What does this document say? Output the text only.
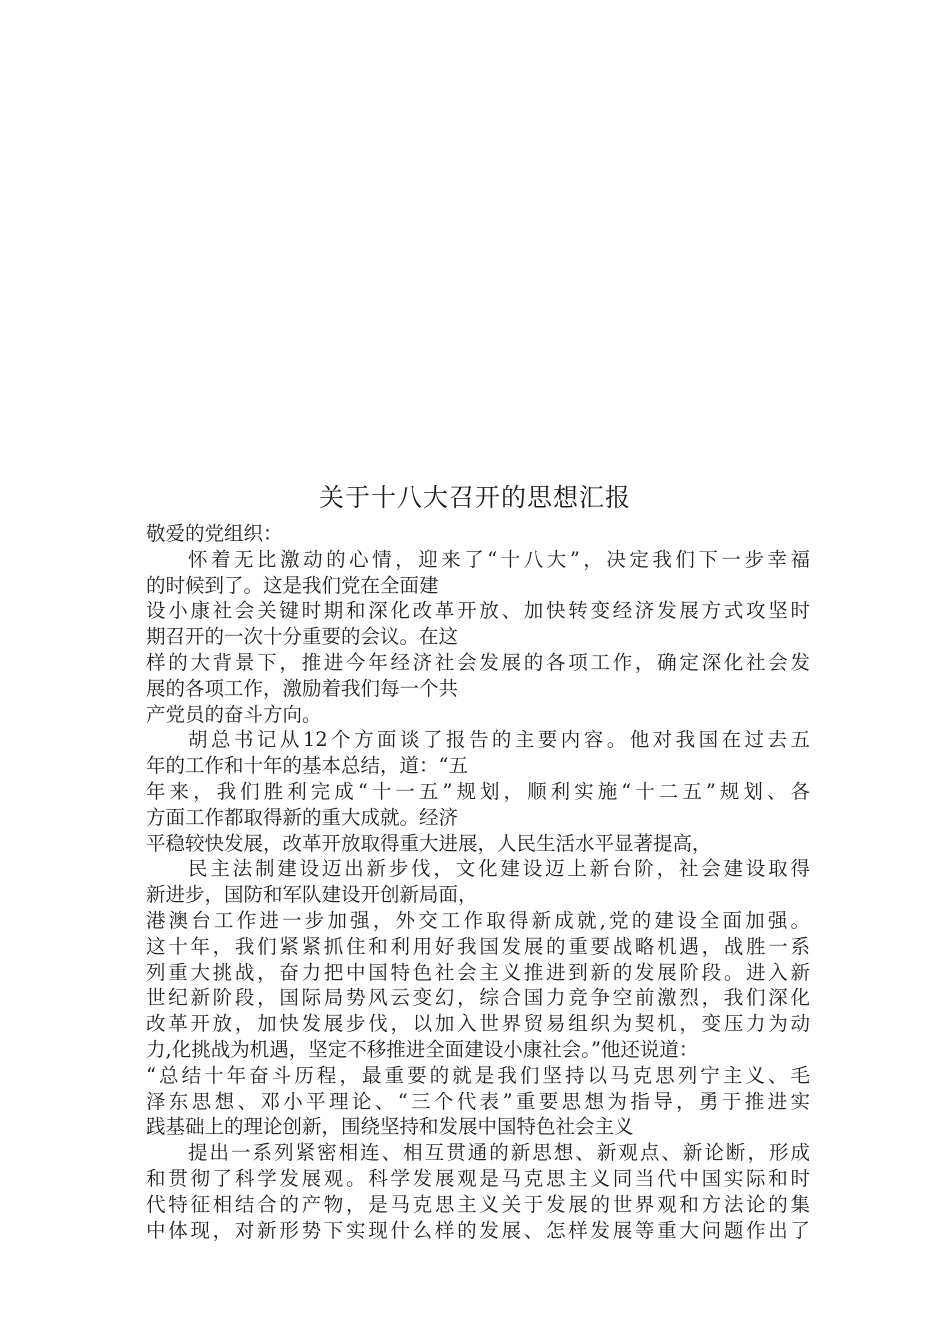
关于十八大召开的思想汇报
敬爱的党组织：
怀着无比激动的心情，迎来了“十八大”，决定我们下一步幸福
的时候到了。这是我们党在全面建
设小康社会关键时期和深化改革开放、加快转变经济发展方式攻坚时
期召开的一次十分重要的会议。在这
样的大背景下，推进今年经济社会发展的各项工作，确定深化社会发
展的各项工作，激励着我们每一个共
产党员的奋斗方向。
胡总书记从12个方面谈了报告的主要内容。他对我国在过去五
年的工作和十年的基本总结，道：“五
年来，我们胜利完成“十一五”规划，顺利实施“十二五”规划、各
方面工作都取得新的重大成就。经济
平稳较快发展，改革开放取得重大进展，人民生活水平显著提高，
民主法制建设迈出新步伐，文化建设迈上新台阶，社会建设取得
新进步，国防和军队建设开创新局面，
港澳台工作进一步加强，外交工作取得新成就,党的建设全面加强。
这十年，我们紧紧抓住和利用好我国发展的重要战略机遇，战胜一系
列重大挑战，奋力把中国特色社会主义推进到新的发展阶段。进入新
世纪新阶段，国际局势风云变幻，综合国力竞争空前激烈，我们深化
改革开放，加快发展步伐，以加入世界贸易组织为契机，变压力为动
力,化挑战为机遇，坚定不移推进全面建设小康社会。”他还说道：
“总结十年奋斗历程，最重要的就是我们坚持以马克思列宁主义、毛
泽东思想、邓小平理论、“三个代表”重要思想为指导，勇于推进实
践基础上的理论创新，围绕坚持和发展中国特色社会主义
提出一系列紧密相连、相互贯通的新思想、新观点、新论断，形成
和贯彻了科学发展观。科学发展观是马克思主义同当代中国实际和时
代特征相结合的产物，是马克思主义关于发展的世界观和方法论的集
中体现，对新形势下实现什么样的发展、怎样发展等重大问题作出了
